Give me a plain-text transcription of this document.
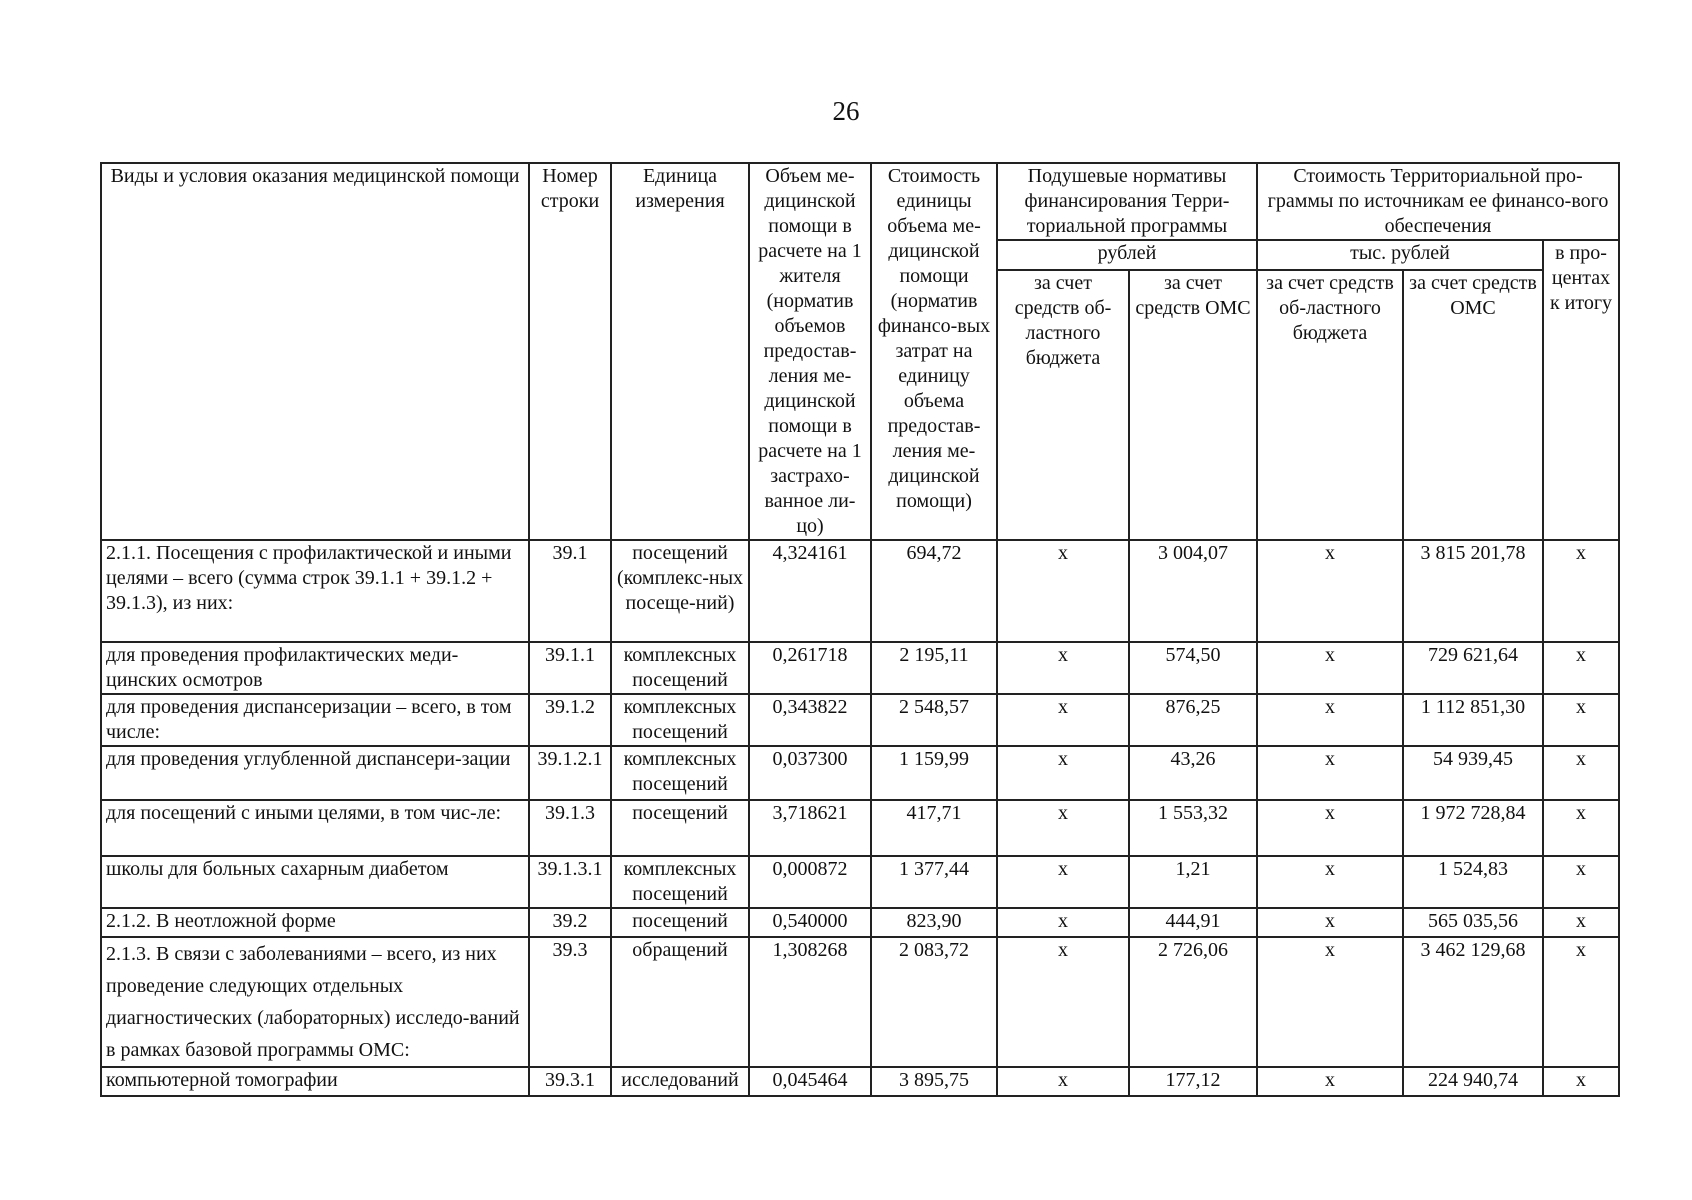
26
Виды и условия оказания медицинской помощи	Номер строки	Единица измерения	Объем ме-дицинской помощи в расчете на 1 жителя (норматив объемов предостав-ления ме-дицинской помощи в расчете на 1 застрахо-ванное ли-цо)	Стоимость единицы объема ме-дицинской помощи (норматив финансо-вых затрат на единицу объема предостав-ления ме-дицинской помощи)	Подушевые нормативы финансирования Терри-ториальной программы		Стоимость Территориальной про-граммы по источникам ее финансо-вого обеспечения		
					рублей		тыс. рублей		в про-центах к итогу
					за счет средств об-ластного бюджета	за счет средств ОМС	за счет средств об-ластного бюджета	за счет средств ОМС	
2.1.1. Посещения с профилактической и иными целями – всего (сумма строк 39.1.1 + 39.1.2 + 39.1.3), из них:	39.1	посещений (комплекс-ных посеще-ний)	4,324161	694,72	х	3 004,07	х	3 815 201,78	х
для проведения профилактических меди-цинских осмотров	39.1.1	комплексных посещений	0,261718	2 195,11	х	574,50	х	729 621,64	х
для проведения диспансеризации – всего, в том числе:	39.1.2	комплексных посещений	0,343822	2 548,57	х	876,25	х	1 112 851,30	х
для проведения углубленной диспансери-зации	39.1.2.1	комплексных посещений	0,037300	1 159,99	х	43,26	х	54 939,45	х
для посещений с иными целями, в том чис-ле:	39.1.3	посещений	3,718621	417,71	х	1 553,32	х	1 972 728,84	х
школы для больных сахарным диабетом	39.1.3.1	комплексных посещений	0,000872	1 377,44	х	1,21	х	1 524,83	х
2.1.2. В неотложной форме	39.2	посещений	0,540000	823,90	х	444,91	х	565 035,56	х
2.1.3. В связи с заболеваниями – всего, из них проведение следующих отдельных диагностических (лабораторных) исследо-ваний в рамках базовой программы ОМС:	39.3	обращений	1,308268	2 083,72	х	2 726,06	х	3 462 129,68	х
компьютерной томографии	39.3.1	исследований	0,045464	3 895,75	х	177,12	х	224 940,74	х
